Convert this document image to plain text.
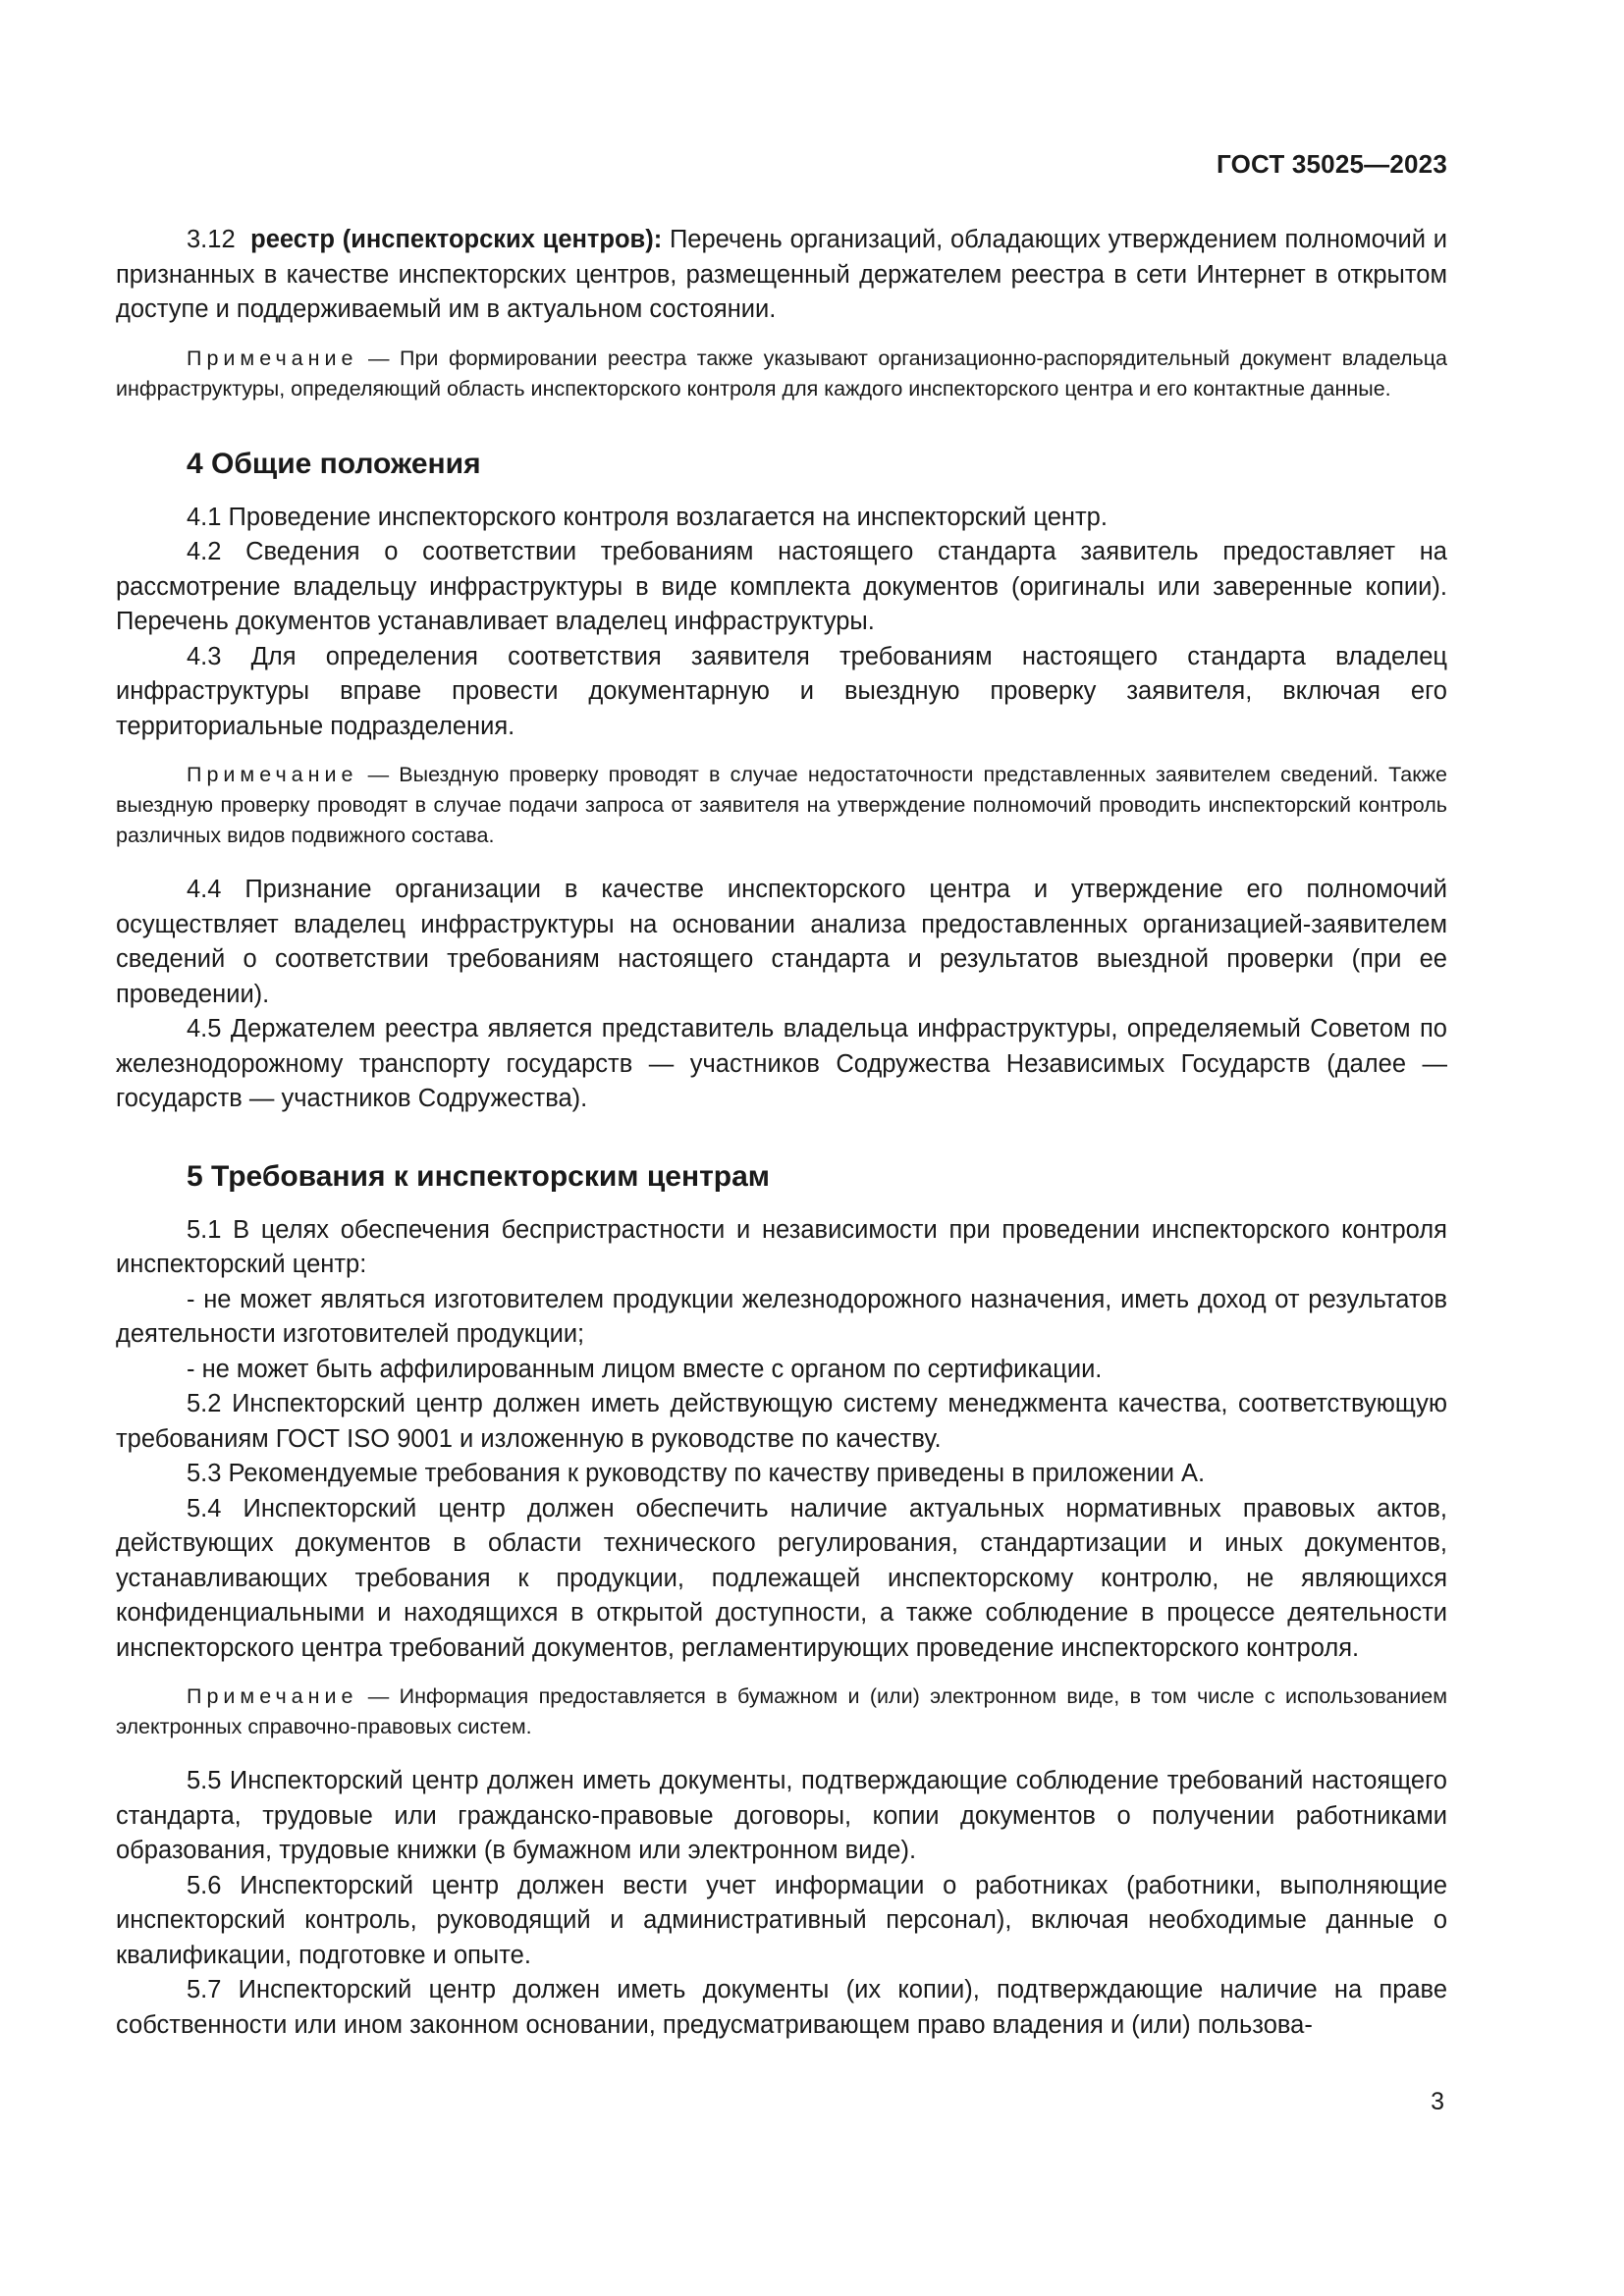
ГОСТ 35025—2023

3.12 реестр (инспекторских центров): Перечень организаций, обладающих утверждением полномочий и признанных в качестве инспекторских центров, размещенный держателем реестра в сети Интернет в открытом доступе и поддерживаемый им в актуальном состоянии.

Примечание — При формировании реестра также указывают организационно-распорядительный документ владельца инфраструктуры, определяющий область инспекторского контроля для каждого инспекторского центра и его контактные данные.

4 Общие положения

4.1 Проведение инспекторского контроля возлагается на инспекторский центр.

4.2 Сведения о соответствии требованиям настоящего стандарта заявитель предоставляет на рассмотрение владельцу инфраструктуры в виде комплекта документов (оригиналы или заверенные копии). Перечень документов устанавливает владелец инфраструктуры.

4.3 Для определения соответствия заявителя требованиям настоящего стандарта владелец инфраструктуры вправе провести документарную и выездную проверку заявителя, включая его территориальные подразделения.

Примечание — Выездную проверку проводят в случае недостаточности представленных заявителем сведений. Также выездную проверку проводят в случае подачи запроса от заявителя на утверждение полномочий проводить инспекторский контроль различных видов подвижного состава.

4.4 Признание организации в качестве инспекторского центра и утверждение его полномочий осуществляет владелец инфраструктуры на основании анализа предоставленных организацией-заявителем сведений о соответствии требованиям настоящего стандарта и результатов выездной проверки (при ее проведении).

4.5 Держателем реестра является представитель владельца инфраструктуры, определяемый Советом по железнодорожному транспорту государств — участников Содружества Независимых Государств (далее — государств — участников Содружества).

5 Требования к инспекторским центрам

5.1 В целях обеспечения беспристрастности и независимости при проведении инспекторского контроля инспекторский центр:

- не может являться изготовителем продукции железнодорожного назначения, иметь доход от результатов деятельности изготовителей продукции;

- не может быть аффилированным лицом вместе с органом по сертификации.

5.2 Инспекторский центр должен иметь действующую систему менеджмента качества, соответствующую требованиям ГОСТ ISO 9001 и изложенную в руководстве по качеству.

5.3 Рекомендуемые требования к руководству по качеству приведены в приложении А.

5.4 Инспекторский центр должен обеспечить наличие актуальных нормативных правовых актов, действующих документов в области технического регулирования, стандартизации и иных документов, устанавливающих требования к продукции, подлежащей инспекторскому контролю, не являющихся конфиденциальными и находящихся в открытой доступности, а также соблюдение в процессе деятельности инспекторского центра требований документов, регламентирующих проведение инспекторского контроля.

Примечание — Информация предоставляется в бумажном и (или) электронном виде, в том числе с использованием электронных справочно-правовых систем.

5.5 Инспекторский центр должен иметь документы, подтверждающие соблюдение требований настоящего стандарта, трудовые или гражданско-правовые договоры, копии документов о получении работниками образования, трудовые книжки (в бумажном или электронном виде).

5.6 Инспекторский центр должен вести учет информации о работниках (работники, выполняющие инспекторский контроль, руководящий и административный персонал), включая необходимые данные о квалификации, подготовке и опыте.

5.7 Инспекторский центр должен иметь документы (их копии), подтверждающие наличие на праве собственности или ином законном основании, предусматривающем право владения и (или) пользова-

3
